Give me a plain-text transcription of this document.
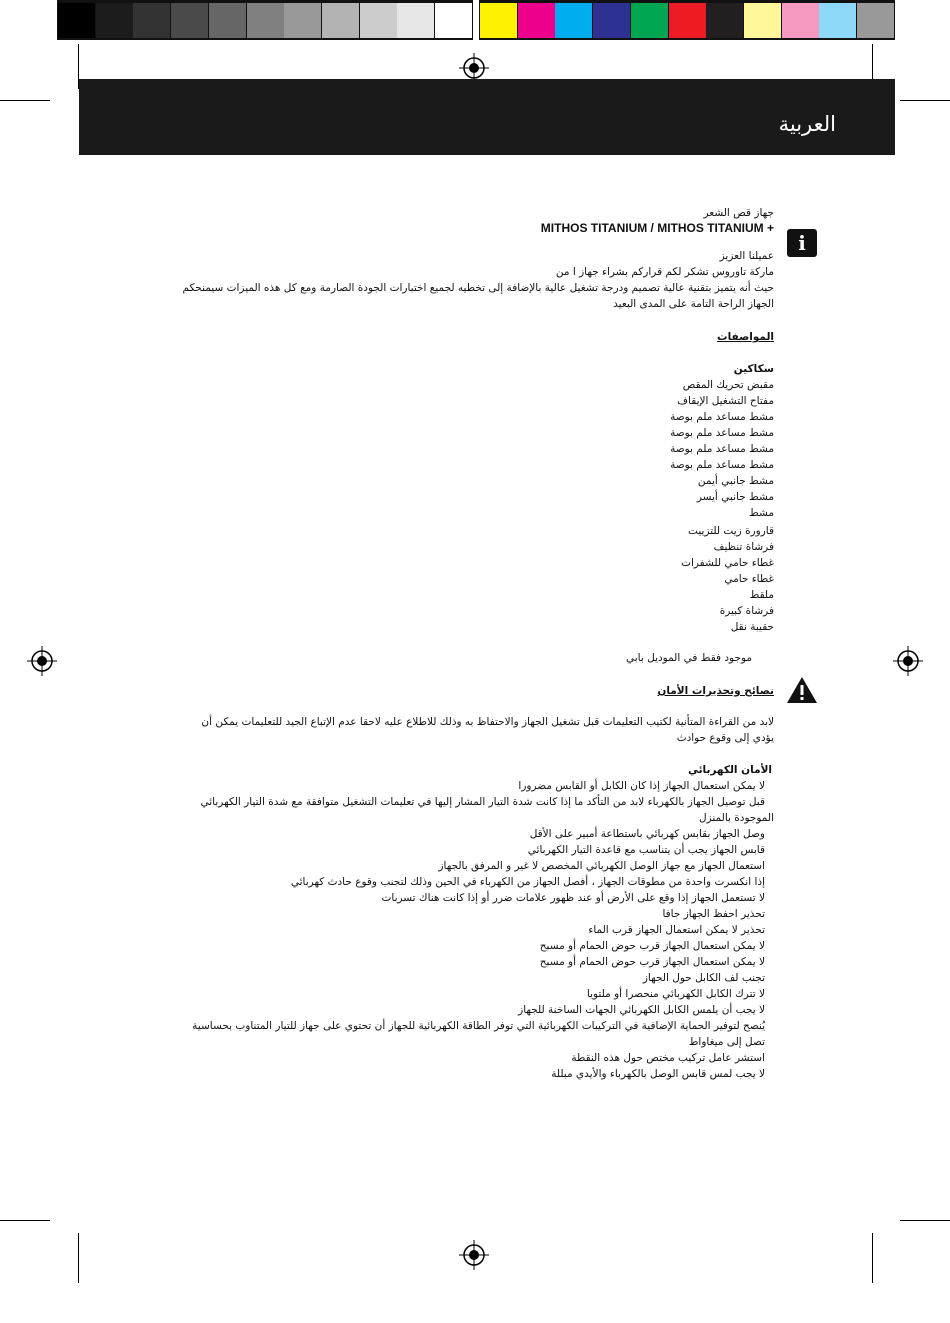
العربية
i
جهاز قص الشعر
MITHOS TITANIUM / MITHOS TITANIUM +
عميلنا العزيز
ماركة تاوروس تشكر لكم قراركم بشراء جهاز ا من
حيث أنه يتميز بتقنية عالية تصميم ودرجة تشغيل عالية بالإضافة إلى تخطيه لجميع اختبارات الجودة الصارمة ومع كل هذه الميزات سيمنحكم
الجهاز الراحة التامة على المدى البعيد
المواصفات
سكاكين
مقبض تحريك المقص
مفتاح التشغيل الإيقاف
مشط مساعد ملم بوصة
مشط مساعد ملم بوصة
مشط مساعد ملم بوصة
مشط مساعد ملم بوصة
مشط جانبي أيمن
مشط جانبي أيسر
مشط
قارورة زيت للتزييت
فرشاة تنظيف
غطاء حامي للشفرات
غطاء حامي
ملقط
فرشاة كبيرة
حقيبة نقل
موجود فقط في الموديل بابي
نصائح وتحذيرات الأمان
لابد من القراءة المتأنية لكتيب التعليمات قبل تشغيل الجهاز والاحتفاظ به وذلك للاطلاع عليه لاحقا عدم الإتباع الجيد للتعليمات يمكن أن
يؤدي إلى وقوع حوادث
الأمان الكهربائي
لا يمكن استعمال الجهاز إذا كان الكابل أو القابس مضرورا
قبل توصيل الجهاز بالكهرباء لابد من التأكد ما إذا كانت شدة التيار المشار إليها في تعليمات التشغيل متوافقة مع شدة التيار الكهربائي
الموجودة بالمنزل
وصل الجهاز بقابس كهربائي باستطاعة أمبير على الأقل
قابس الجهاز يجب أن يتناسب مع قاعدة التيار الكهربائي
استعمال الجهاز مع جهاز الوصل الكهربائي المخصص لا غير و المرفق بالجهاز
إذا انكسرت واحدة من مطوقات الجهاز ، أفصل الجهاز من الكهرباء في الحين وذلك لتجنب وقوع حادث كهربائي
لا تستعمل الجهاز إذا وقع على الأرض أو عند ظهور علامات ضرر أو إذا كانت هناك تسربات
تحذير احفظ الجهاز جافا
تحذير لا يمكن استعمال الجهاز قرب الماء
لا يمكن استعمال الجهاز قرب حوض الحمام أو مسبح
لا يمكن استعمال الجهاز قرب حوض الحمام أو مسبح
تجنب لف الكابل حول الجهاز
لا تترك الكابل الكهربائي منحصرا أو ملتويا
لا يجب أن يلمس الكابل الكهربائي الجهات الساخنة للجهاز
يُنصح لتوفير الحماية الإضافية في التركيبات الكهربائية التي توفر الطاقة الكهربائية للجهاز أن تحتوي على جهاز للتيار المتناوب بحساسية
تصل إلى ميغاواط
استشر عامل تركيب مختص حول هذه النقطة
لا يجب لمس قابس الوصل بالكهرباء والأيدي مبللة
